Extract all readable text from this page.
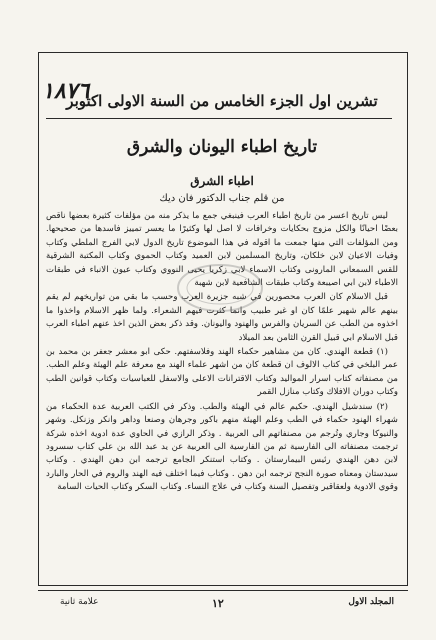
تشرين اول الجزء الخامس من السنة الاولى اكتوبر
١٨٧٦
تاريخ اطباء اليونان والشرق
اطباء الشرق
من قلم جناب الدكتور فان ديك

ليس تاريخ اعسر من تاريخ اطباء العرب فينبغي جمع ما يذكر منه من مؤلفات كثيرة بعضها ناقص بعضًا احيانًا والكل مزوج بحكايات وخرافات لا اصل لها وكثيرًا ما يعسر تمييز فاسدها من صحيحها. ومن المؤلفات التي منها جمعت ما اقوله في هذا الموضوع تاريخ الدول لابي الفرج الملطي وكتاب وفيات الاعيان لابن خلكان، وتاريخ المسلمين لابن العميد وكتاب الحموي وكتاب المكتبة الشرقية للقس السمعاني المارونى وكتاب الاسماء لابي زكريا يحيى النووي وكتاب عيون الانباء في طبقات الاطباء لابن ابي اصيبعة وكتاب طبقات الشافعية لابن شهبة

قبل الاسلام كان العرب محصورين في شبه جزيرة العرب وحسب ما بقي من تواريخهم لم يقم بينهم عالم شهير علمًا كان او غير طبيب وانما كثرت فيهم الشعراء. ولما ظهر الاسلام واخذوا ما اخذوه من الطب عن السريان والفرس والهنود واليونان. وقد ذكر بعض الذين اخذ عنهم اطباء العرب قبل الاسلام ابي قبيل القرن الثامن بعد الميلاد

(١) قطعة الهندي. كان من مشاهير حكماء الهند وفلاسفتهم. حكى ابو معشر جعفر بن محمد بن عمر البلخي في كتاب الالوف ان قطعة كان من اشهر علماء الهند مع معرفة علم الهيئة وعلم الطب. من مصنفاته كتاب اسرار المواليد وكتاب الاقترانات الاعلى والاسفل للعباسيات وكتاب قوانين الطب وكتاب دوران الافلاك وكتاب منازل القمر

(٢) سندشيل الهندي. حكيم عالم في الهيئة والطب. وذكر في الكتب العربية عدة الحكماء من شهراء الهنود حكماء في الطب وعلم الهيئة منهم باكور وجرهان وصنعا وداهر وانكر وزنكل. وشهر والنيوكا وجاري وتُرجم من مصنفاتهم الى العربية . وذكر الرازي في الحاوي عدة ادوية اخذه شركة ترجمت مصنفاته الى الفارسية ثم من الفارسية الى العربية عن يد عبد الله بن علي كتاب سسرود لابن دهن الهندي رئيس البيمارستان . وكتاب استنكر الجامع ترجمه ابن دهن الهندي . وكتاب سيدستان ومعناه صورة النجح ترجمه ابن دهن . وكتاب فيما اختلف فيه الهند والروم في الحار والبارد وقوي الادوية ولعقاقير وتفصيل السنة وكتاب في علاج النساء. وكتاب السكر وكتاب الحيات السامة

المجلد الاول
١٢
علامة ثانية
